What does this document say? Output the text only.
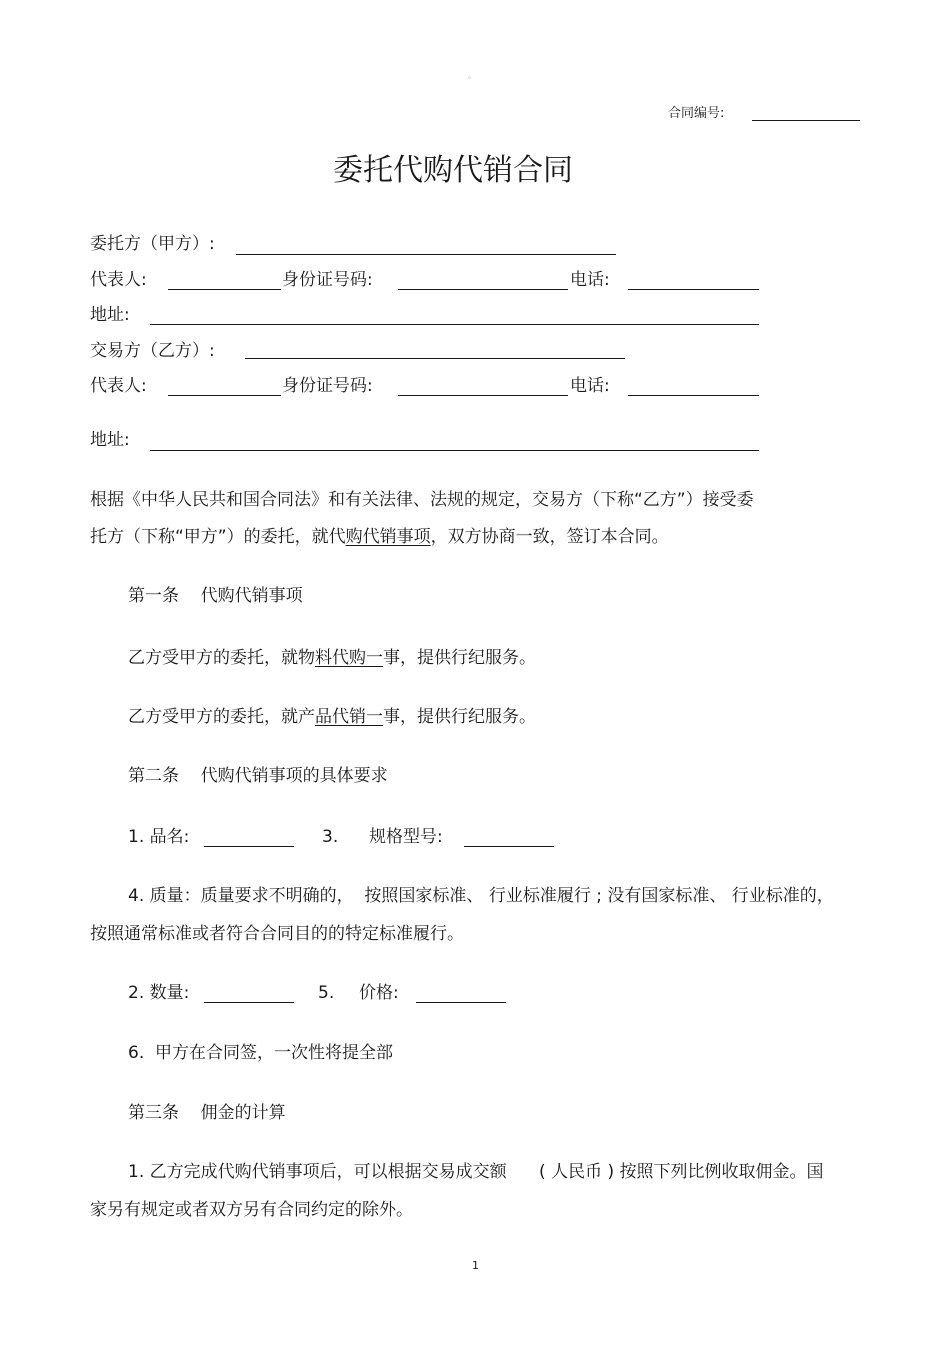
。
合同编号:
委托代购代销合同
委托方（甲方）:
代表人:	身份证号码:	电话:
地址:
交易方（乙方）:
代表人:	身份证号码:	电话:
地址:
根据《中华人民共和国合同法》和有关法律、法规的规定，交易方（下称“乙方”）接受委
托方（下称“甲方”）的委托，就代购代销事项，双方协商一致，签订本合同。
第一条    代购代销事项
乙方受甲方的委托，就物料代购一事，提供行纪服务。
乙方受甲方的委托，就产品代销一事，提供行纪服务。
第二条    代购代销事项的具体要求
1. 品名:	3. 规格型号:
4. 质量：质量要求不明确的，  按照国家标准、 行业标准履行 ; 没有国家标准、 行业标准的，
按照通常标准或者符合合同目的的特定标准履行。
2. 数量:	5. 价格:
6.  甲方在合同签，一次性将提全部
第三条    佣金的计算
1. 乙方完成代购代销事项后，可以根据交易成交额      ( 人民币 ) 按照下列比例收取佣金。国
家另有规定或者双方另有合同约定的除外。
1
